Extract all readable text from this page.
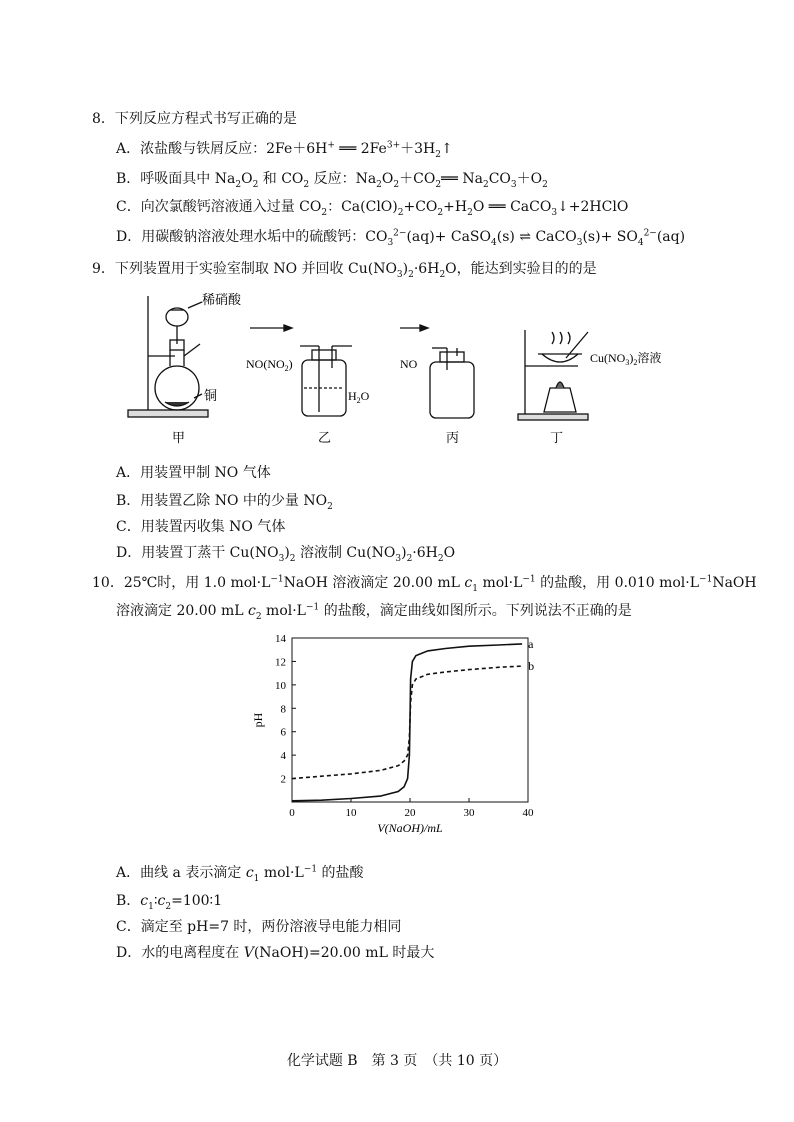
8．下列反应方程式书写正确的是
A．浓盐酸与铁屑反应：2Fe＋6H+ ══ $2Fe^{3+}+3H_2↑$
B．呼吸面具中 $Na_2O_2$ 和 $CO_2$ 反应：$Na_2O_2+CO_2══$ $Na_2CO_3+O_2$
C．向次氯酸钙溶液通入过量 $CO_2$：$Ca(ClO)_2+CO_2+H_2O$ ══ CaCO$_3$↓+2HClO
D．用碳酸钠溶液处理水垢中的硫酸钙：$CO_3^{2-}(aq)+$ CaSO$_4$(s) ⇌ CaCO$_3$(s)+ $SO_4^{2-}(aq)$
9．下列装置用于实验室制取 NO 并回收 $Cu(NO_3)_2\cdot 6H_2O$，能达到实验目的的是
稀硝酸
铜
$NO(NO_2)$
$H_2O$
NO	$Cu(NO_3)_2$溶液
甲	乙	丙	丁
A．用装置甲制 NO 气体
B．用装置乙除 NO 中的少量 $NO_2$
C．用装置丙收集 NO 气体
D．用装置丁蒸干 $Cu(NO_3)_2$ 溶液制 $Cu(NO_3)_2\cdot 6H_2O$
10．25℃时，用 1.0 $mol\cdot L^{-1}NaOH$ 溶液滴定 20.00 mL $c_1$ $mol\cdot L^{-1}$ 的盐酸，用 0.010 $mol\cdot L^{-1}NaOH$
溶液滴定 20.00 mL $c_2$ $mol\cdot L^{-1}$ 的盐酸，滴定曲线如图所示。下列说法不正确的是
0	10	20	30	40
2
4
6
8
10
12
14
V(NaOH)/mL
pH
a
b
A．曲线 a 表示滴定 $c_1$ $mol\cdot L^{-1}$ 的盐酸
B．$c_1∶c_2=100∶1$
C．滴定至 pH=7 时，两份溶液导电能力相同
D．水的电离程度在 V(NaOH)=20.00 mL 时最大
化学试题 B　第 3 页　（共 10 页）
